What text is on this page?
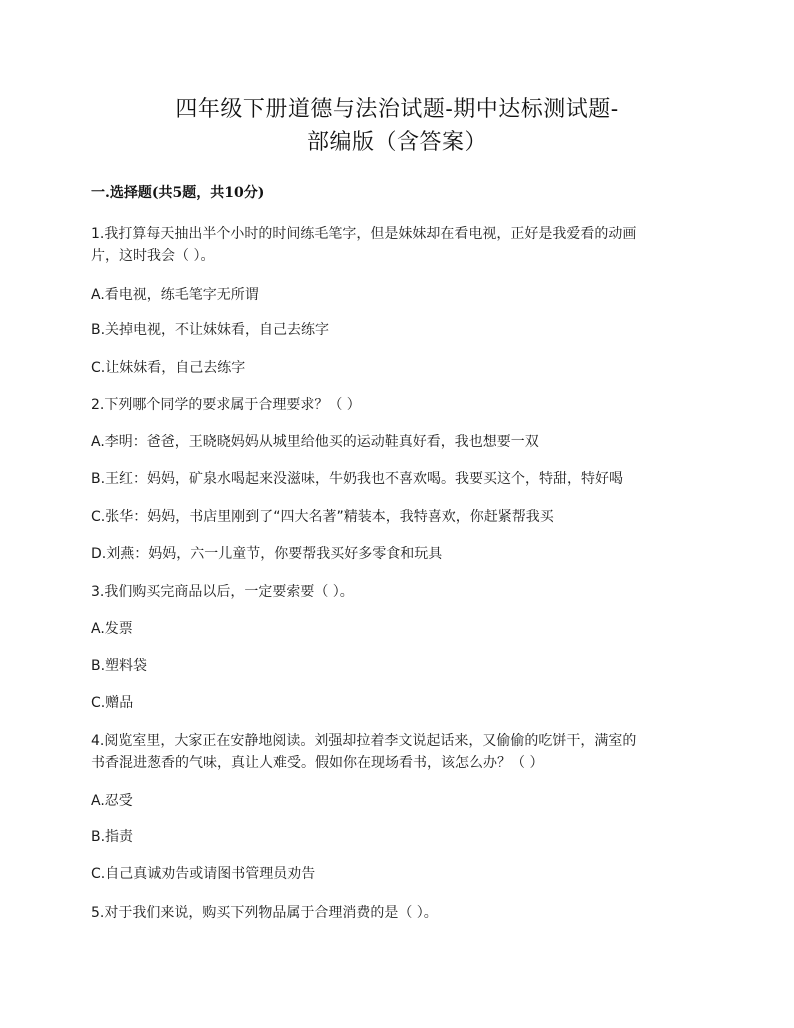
四年级下册道德与法治试题-期中达标测试题-
部编版（含答案）
一.选择题(共5题，共10分)
1.我打算每天抽出半个小时的时间练毛笔字，但是妹妹却在看电视，正好是我爱看的动画
片，这时我会（ ）。
A.看电视，练毛笔字无所谓
B.关掉电视，不让妹妹看，自己去练字
C.让妹妹看，自己去练字
2.下列哪个同学的要求属于合理要求？（ ）
A.李明：爸爸，王晓晓妈妈从城里给他买的运动鞋真好看，我也想要一双
B.王红：妈妈，矿泉水喝起来没滋味，牛奶我也不喜欢喝。我要买这个，特甜，特好喝
C.张华：妈妈，书店里刚到了“四大名著”精装本，我特喜欢，你赶紧帮我买
D.刘燕：妈妈，六一儿童节，你要帮我买好多零食和玩具
3.我们购买完商品以后，一定要索要（ ）。
A.发票
B.塑料袋
C.赠品
4.阅览室里，大家正在安静地阅读。刘强却拉着李文说起话来，又偷偷的吃饼干，满室的
书香混进葱香的气味，真让人难受。假如你在现场看书，该怎么办？（ ）
A.忍受
B.指责
C.自己真诚劝告或请图书管理员劝告
5.对于我们来说，购买下列物品属于合理消费的是（ ）。
